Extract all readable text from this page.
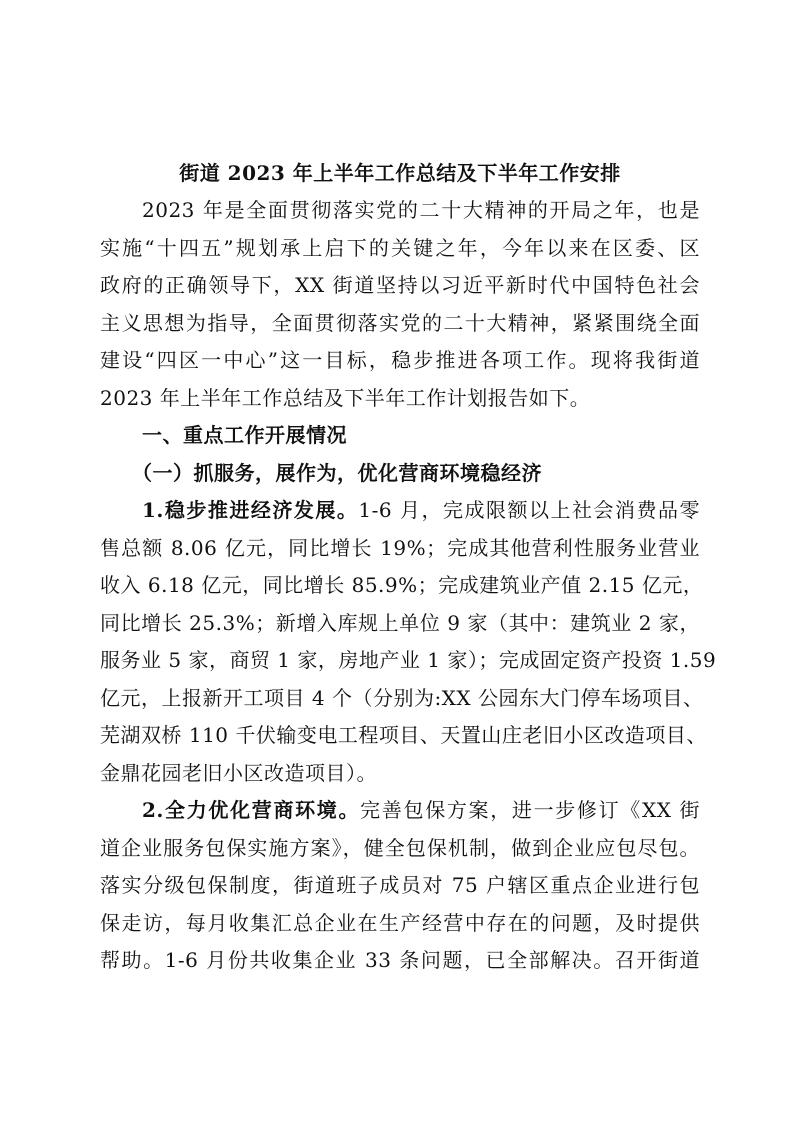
街道 2023 年上半年工作总结及下半年工作安排
2023 年是全面贯彻落实党的二十大精神的开局之年，也是
实施“十四五”规划承上启下的关键之年，今年以来在区委、区
政府的正确领导下，XX 街道坚持以习近平新时代中国特色社会
主义思想为指导，全面贯彻落实党的二十大精神，紧紧围绕全面
建设“四区一中心”这一目标，稳步推进各项工作。现将我街道
2023 年上半年工作总结及下半年工作计划报告如下。
一、重点工作开展情况
（一）抓服务，展作为，优化营商环境稳经济
1.稳步推进经济发展。1-6 月，完成限额以上社会消费品零
售总额 8.06 亿元，同比增长 19%；完成其他营利性服务业营业
收入 6.18 亿元，同比增长 85.9%；完成建筑业产值 2.15 亿元，
同比增长 25.3%；新增入库规上单位 9 家（其中：建筑业 2 家，
服务业 5 家，商贸 1 家，房地产业 1 家）；完成固定资产投资 1.59
亿元，上报新开工项目 4 个（分别为:XX 公园东大门停车场项目、
芜湖双桥 110 千伏输变电工程项目、天置山庄老旧小区改造项目、
金鼎花园老旧小区改造项目）。
2.全力优化营商环境。完善包保方案，进一步修订《XX 街
道企业服务包保实施方案》，健全包保机制，做到企业应包尽包。
落实分级包保制度，街道班子成员对 75 户辖区重点企业进行包
保走访，每月收集汇总企业在生产经营中存在的问题，及时提供
帮助。1-6 月份共收集企业 33 条问题，已全部解决。召开街道
